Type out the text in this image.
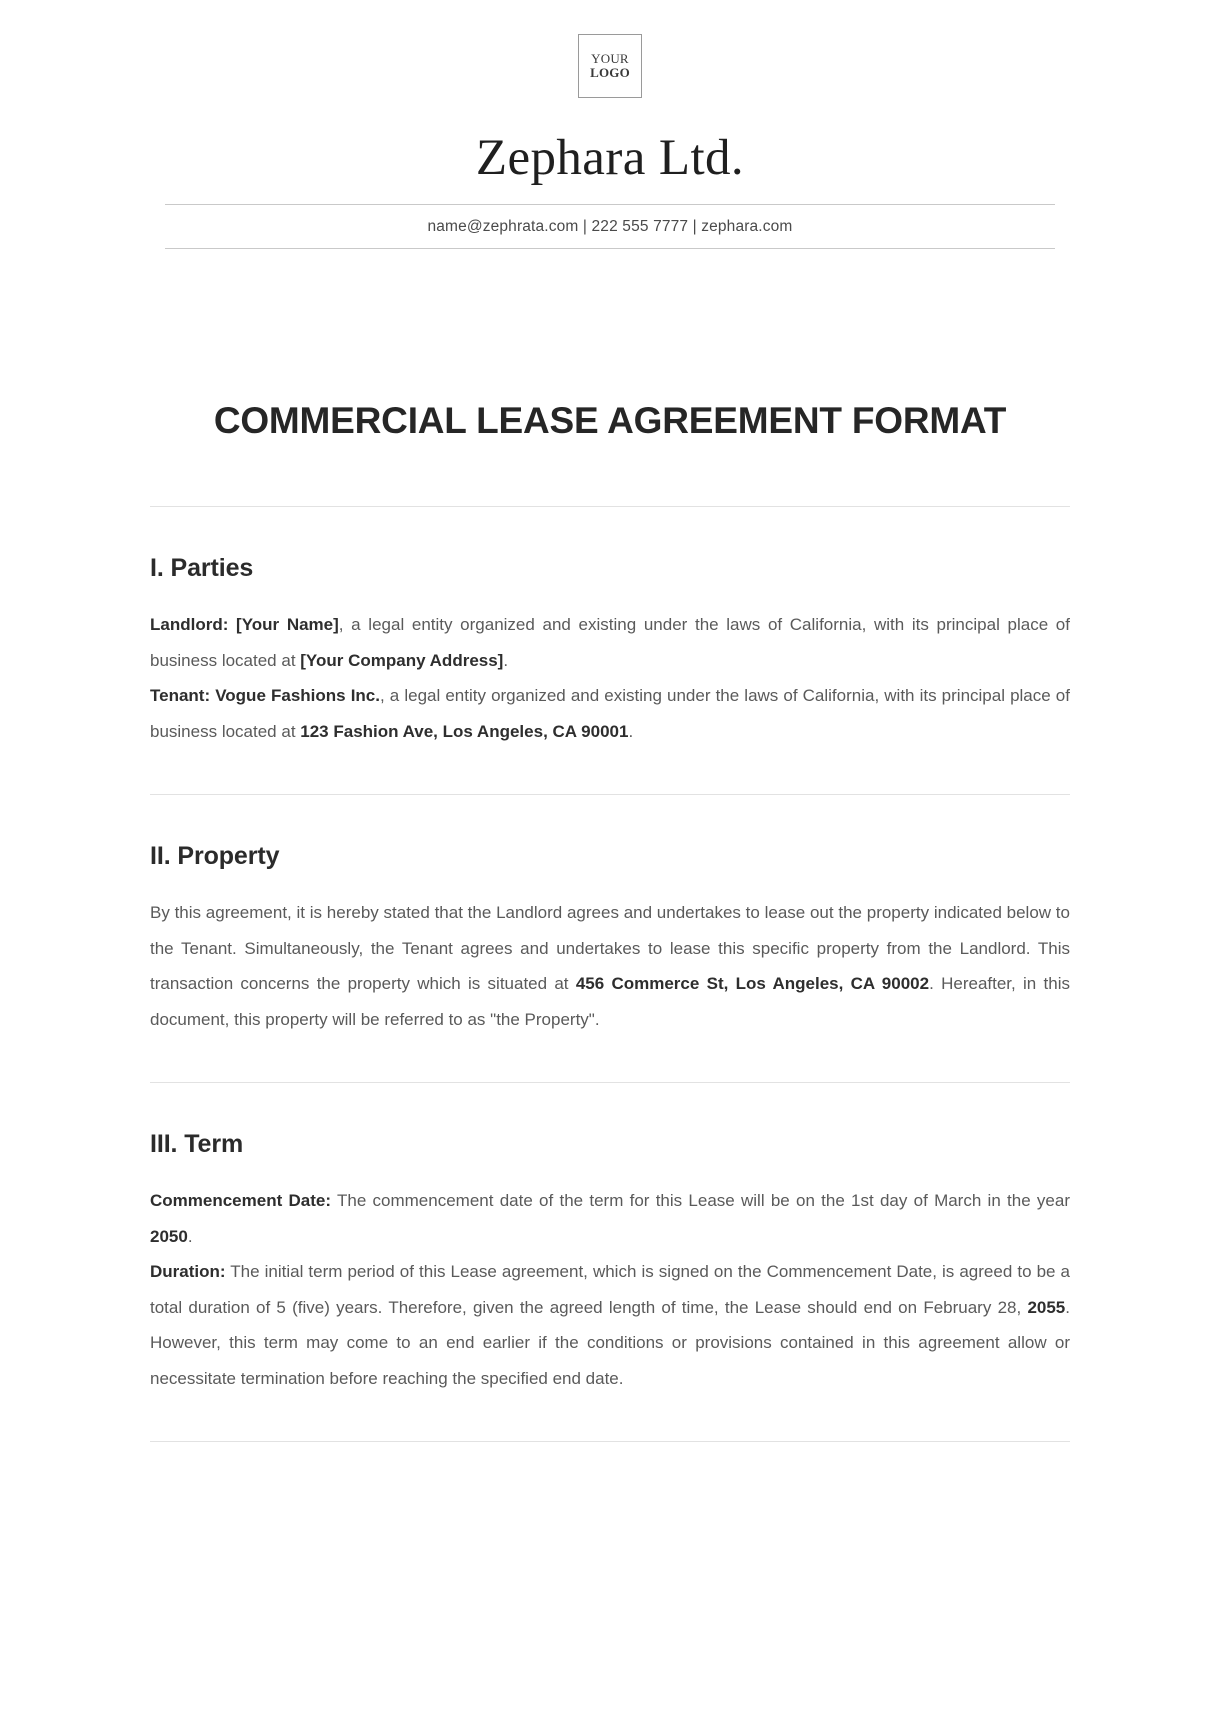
YOUR
LOGO
Zephara Ltd.
name@zephrata.com | 222 555 7777 | zephara.com
COMMERCIAL LEASE AGREEMENT FORMAT
I. Parties

Landlord: [Your Name], a legal entity organized and existing under the laws of California, with its principal place of business located at [Your Company Address].

Tenant: Vogue Fashions Inc., a legal entity organized and existing under the laws of California, with its principal place of business located at 123 Fashion Ave, Los Angeles, CA 90001.

II. Property

By this agreement, it is hereby stated that the Landlord agrees and undertakes to lease out the property indicated below to the Tenant. Simultaneously, the Tenant agrees and undertakes to lease this specific property from the Landlord. This transaction concerns the property which is situated at 456 Commerce St, Los Angeles, CA 90002. Hereafter, in this document, this property will be referred to as "the Property".

III. Term

Commencement Date: The commencement date of the term for this Lease will be on the 1st day of March in the year 2050.

Duration: The initial term period of this Lease agreement, which is signed on the Commencement Date, is agreed to be a total duration of 5 (five) years. Therefore, given the agreed length of time, the Lease should end on February 28, 2055. However, this term may come to an end earlier if the conditions or provisions contained in this agreement allow or necessitate termination before reaching the specified end date.
